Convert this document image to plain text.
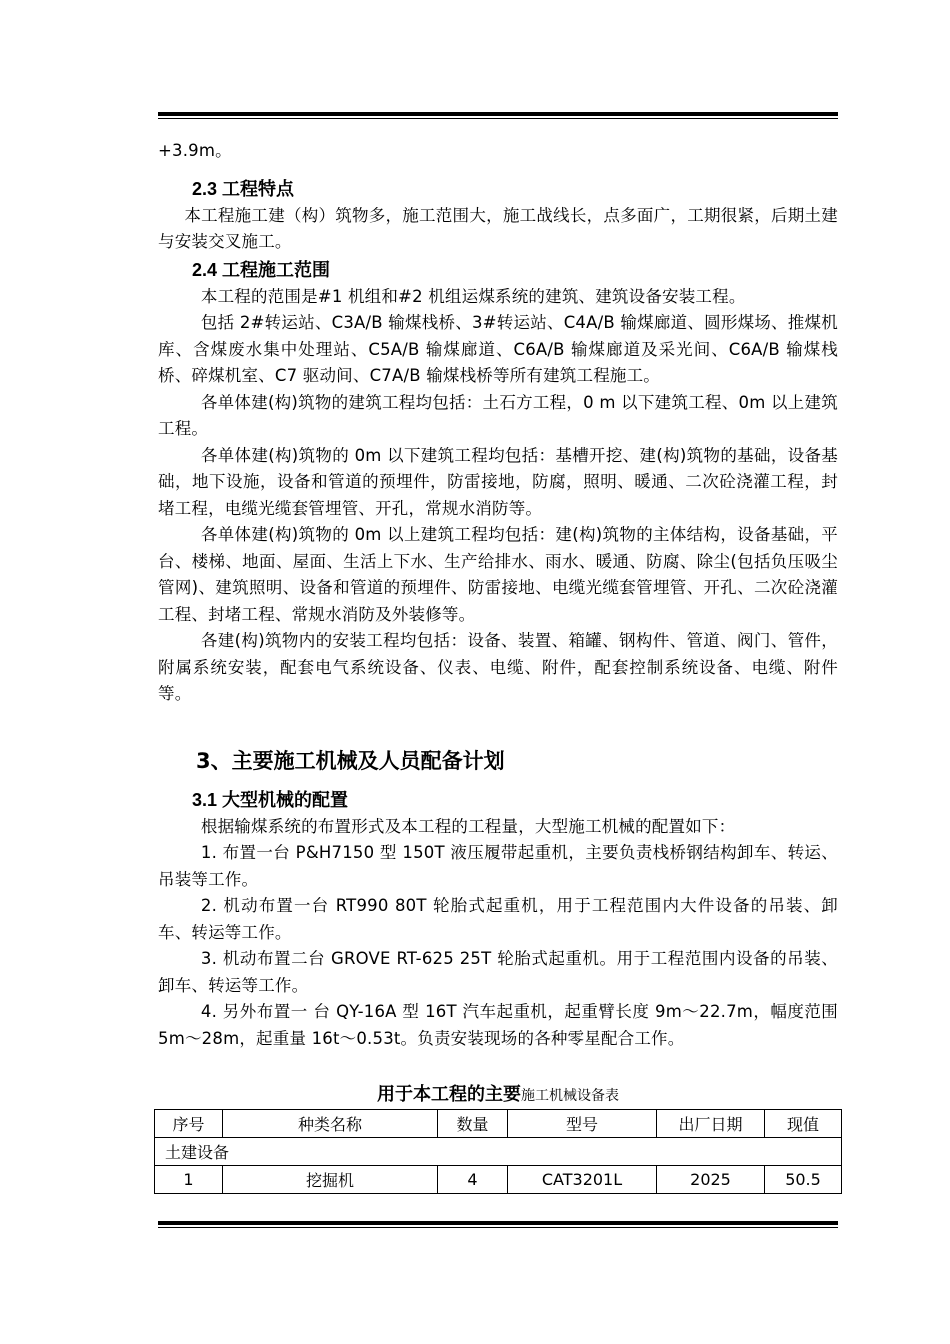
+3.9m。

2.3 工程特点

本工程施工建（构）筑物多，施工范围大，施工战线长，点多面广，工期很紧，后期土建与安装交叉施工。

2.4 工程施工范围

本工程的范围是#1 机组和#2 机组运煤系统的建筑、建筑设备安装工程。

包括 2#转运站、C3A/B 输煤栈桥、3#转运站、C4A/B 输煤廊道、圆形煤场、推煤机库、含煤废水集中处理站、C5A/B 输煤廊道、C6A/B 输煤廊道及采光间、C6A/B 输煤栈桥、碎煤机室、C7 驱动间、C7A/B 输煤栈桥等所有建筑工程施工。

各单体建(构)筑物的建筑工程均包括：土石方工程，0 m 以下建筑工程、0m 以上建筑工程。

各单体建(构)筑物的 0m 以下建筑工程均包括：基槽开挖、建(构)筑物的基础，设备基础，地下设施，设备和管道的预埋件，防雷接地，防腐，照明、暖通、二次砼浇灌工程，封堵工程，电缆光缆套管埋管、开孔，常规水消防等。

各单体建(构)筑物的 0m 以上建筑工程均包括：建(构)筑物的主体结构，设备基础，平台、楼梯、地面、屋面、生活上下水、生产给排水、雨水、暖通、防腐、除尘(包括负压吸尘管网)、建筑照明、设备和管道的预埋件、防雷接地、电缆光缆套管埋管、开孔、二次砼浇灌工程、封堵工程、常规水消防及外装修等。

各建(构)筑物内的安装工程均包括：设备、装置、箱罐、钢构件、管道、阀门、管件，附属系统安装，配套电气系统设备、仪表、电缆、附件，配套控制系统设备、电缆、附件等。

3、主要施工机械及人员配备计划

3.1 大型机械的配置

根据输煤系统的布置形式及本工程的工程量，大型施工机械的配置如下：

1. 布置一台 P&H7150 型 150T 液压履带起重机，主要负责栈桥钢结构卸车、转运、吊装等工作。

2. 机动布置一台 RT990 80T 轮胎式起重机，用于工程范围内大件设备的吊装、卸车、转运等工作。

3. 机动布置二台 GROVE RT-625 25T 轮胎式起重机。用于工程范围内设备的吊装、卸车、转运等工作。

4. 另外布置一 台 QY-16A 型 16T 汽车起重机，起重臂长度 9m～22.7m，幅度范围 5m～28m，起重量 16t～0.53t。负责安装现场的各种零星配合工作。

用于本工程的主要施工机械设备表

序号	种类名称	数量	型号	出厂日期	现值
土建设备					
1	挖掘机	4	CAT3201L	2025	50.5
